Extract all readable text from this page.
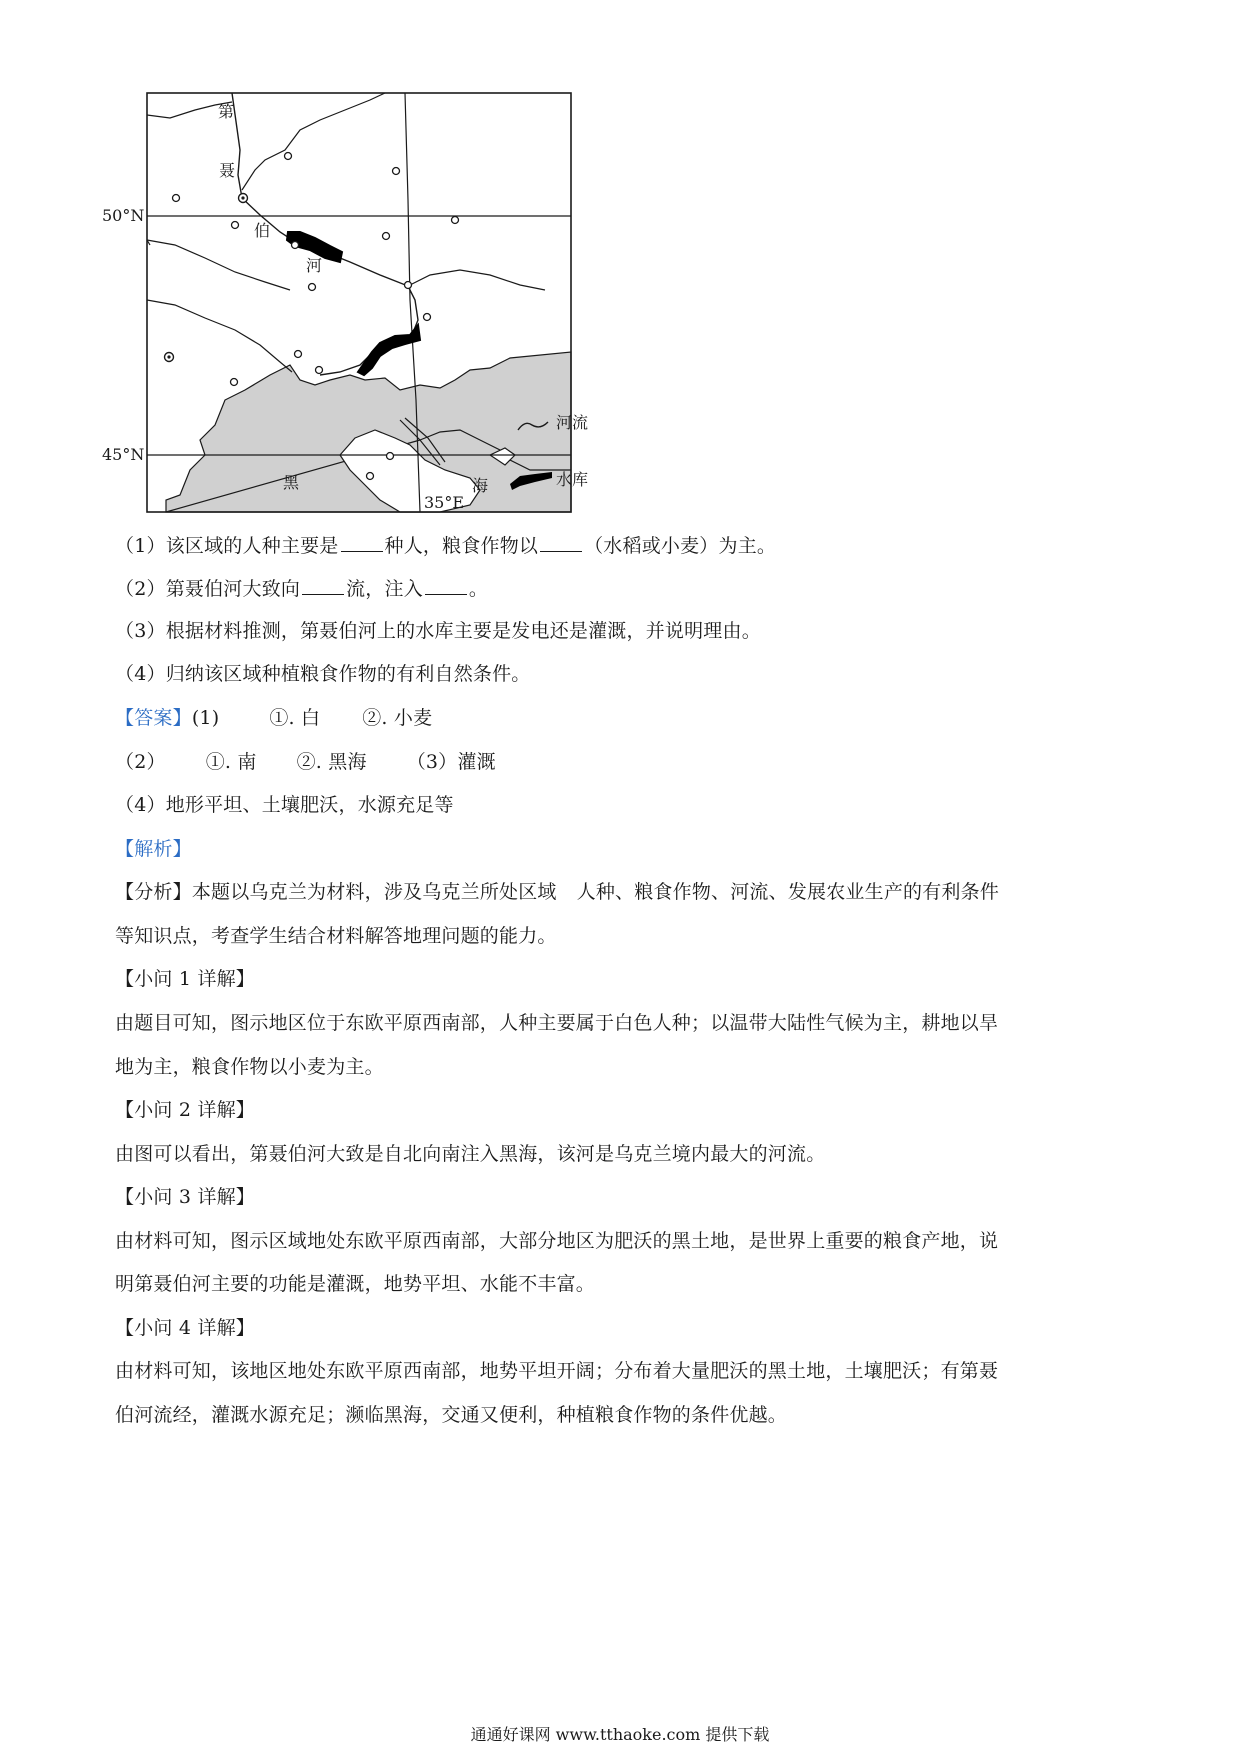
50°N
45°N
35°E
第
聂
伯
河
黑	海
河流
水库
（1）该区域的人种主要是 种人，粮食作物以 （水稻或小麦）为主。
（2）第聂伯河大致向 流，注入 。
（3）根据材料推测，第聂伯河上的水库主要是发电还是灌溉，并说明理由。
（4）归纳该区域种植粮食作物的有利自然条件。
【答案】(1)	①. 白 ②. 小麦
（2） ①. 南 ②. 黑海 （3）灌溉
（4）地形平坦、土壤肥沃，水源充足等
【解析】
【分析】本题以乌克兰为材料，涉及乌克兰所处区域 人种、粮食作物、河流、发展农业生产的有利条件
等知识点，考查学生结合材料解答地理问题的能力。
【小问 1 详解】
由题目可知，图示地区位于东欧平原西南部，人种主要属于白色人种；以温带大陆性气候为主，耕地以旱
地为主，粮食作物以小麦为主。
【小问 2 详解】
由图可以看出，第聂伯河大致是自北向南注入黑海，该河是乌克兰境内最大的河流。
【小问 3 详解】
由材料可知，图示区域地处东欧平原西南部，大部分地区为肥沃的黑土地，是世界上重要的粮食产地，说
明第聂伯河主要的功能是灌溉，地势平坦、水能不丰富。
【小问 4 详解】
由材料可知，该地区地处东欧平原西南部，地势平坦开阔；分布着大量肥沃的黑土地，土壤肥沃；有第聂
伯河流经，灌溉水源充足；濒临黑海，交通又便利，种植粮食作物的条件优越。
通通好课网 www.tthaoke.com 提供下载
